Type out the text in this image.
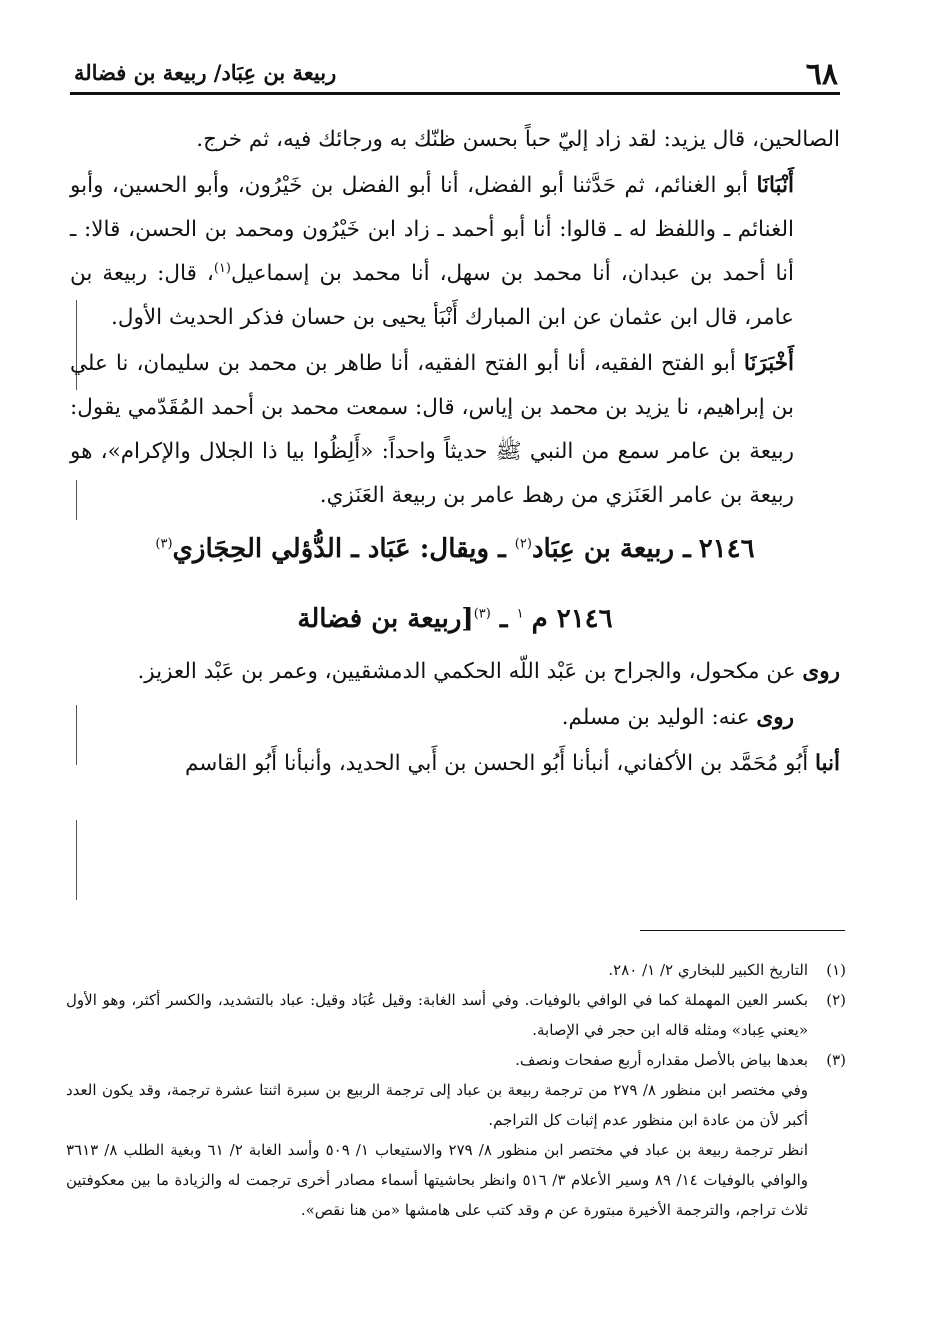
٦٨
ربيعة بن عِبَاد/ ربيعة بن فضالة

الصالحين، قال يزيد: لقد زاد إليّ حباً بحسن ظنّك به ورجائك فيه، ثم خرج.

أَنْبَانَا أبو الغنائم، ثم حَدَّثنا أبو الفضل، أنا أبو الفضل بن خَيْرُون، وأبو الحسين، وأبو الغنائم ـ واللفظ له ـ قالوا: أنا أبو أحمد ـ زاد ابن خَيْرُون ومحمد بن الحسن، قالا: ـ أنا أحمد بن عبدان، أنا محمد بن سهل، أنا محمد بن إسماعيل$^{(١)}$، قال: ربيعة بن عامر، قال ابن عثمان عن ابن المبارك أَنْبَأ يحيى بن حسان فذكر الحديث الأول.

أَخْبَرَنَا أبو الفتح الفقيه، أنا أبو الفتح الفقيه، أنا طاهر بن محمد بن سليمان، نا علي بن إبراهيم، نا يزيد بن محمد بن إياس، قال: سمعت محمد بن أحمد المُقَدّمي يقول: ربيعة بن عامر سمع من النبي ﷺ حديثاً واحداً: «أَلِظُوا بيا ذا الجلال والإكرام»، هو ربيعة بن عامر العَنَزي من رهط عامر بن ربيعة العَنَزي.

٢١٤٦ـ ربيعة بن عِبَاد$^{(٢)}$ ـ ويقال: عَبَاد ـ الدُّؤلي الحِجَازي$^{(٣)}$
٢١٤٦ م$^١$ ـ $^{(٣)}$[ربيعة بن فضالة

روى عن مكحول، والجراح بن عَبْد اللّه الحكمي الدمشقيين، وعمر بن عَبْد العزيز.

روى عنه: الوليد بن مسلم.

أنبا أَبُو مُحَمَّد بن الأكفاني، أنبأنا أَبُو الحسن بن أَبي الحديد، وأنبأنا أَبُو القاسم

(١)

التاريخ الكبير للبخاري ٢/ ١/ ٢٨٠.

(٢)

بكسر العين المهملة كما في الوافي بالوفيات. وفي أسد الغابة: وقيل عُبَاد وقيل: عباد بالتشديد، والكسر أكثر، وهو الأول «يعني عِباد» ومثله قاله ابن حجر في الإصابة.

(٣)

بعدها بياض بالأصل مقداره أربع صفحات ونصف.

وفي مختصر ابن منظور ٨/ ٢٧٩ من ترجمة ربيعة بن عباد إلى ترجمة الربيع بن سبرة اثنتا عشرة ترجمة، وقد يكون العدد أكبر لأن من عادة ابن منظور عدم إثبات كل التراجم.

انظر ترجمة ربيعة بن عباد في مختصر ابن منظور ٨/ ٢٧٩ والاستيعاب ١/ ٥٠٩ وأسد الغابة ٢/ ٦١ وبغية الطلب ٨/ ٣٦١٣ والوافي بالوفيات ١٤/ ٨٩ وسير الأعلام ٣/ ٥١٦ وانظر بحاشيتها أسماء مصادر أخرى ترجمت له والزيادة ما بين معكوفتين ثلاث تراجم، والترجمة الأخيرة مبتورة عن م وقد كتب على هامشها «من هنا نقص».
